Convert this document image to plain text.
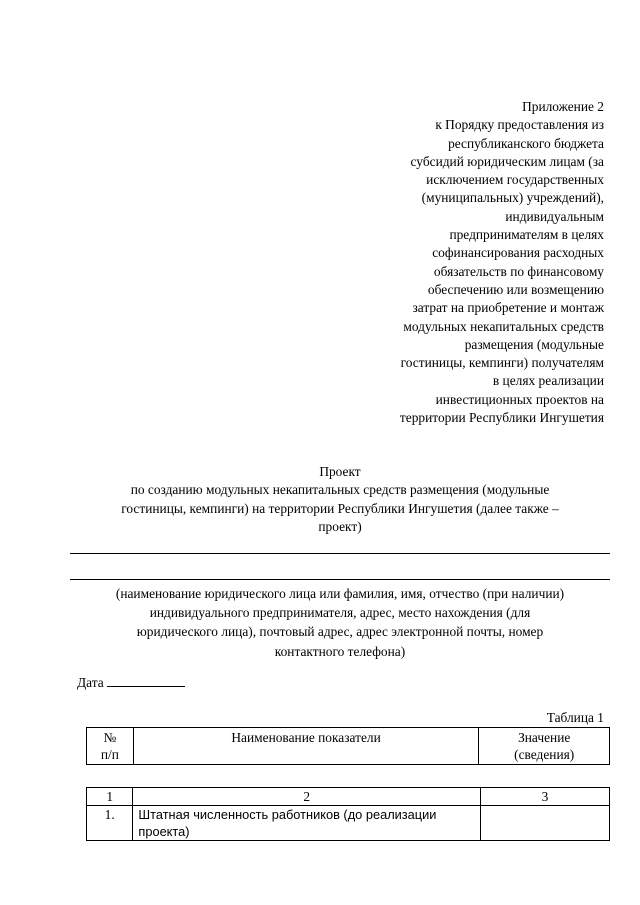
Приложение 2
к Порядку предоставления из
республиканского бюджета
субсидий юридическим лицам (за
исключением государственных
(муниципальных) учреждений),
индивидуальным
предпринимателям в целях
софинансирования расходных
обязательств по финансовому
обеспечению или возмещению
затрат на приобретение и монтаж
модульных некапитальных средств
размещения (модульные
гостиницы, кемпинги) получателям
в целях реализации
инвестиционных проектов на
территории Республики Ингушетия
Проект
по созданию модульных некапитальных средств размещения (модульные
гостиницы, кемпинги) на территории Республики Ингушетия (далее также –
проект)
(наименование юридического лица или фамилия, имя, отчество (при наличии)
индивидуального предпринимателя, адрес, место нахождения (для
юридического лица), почтовый адрес, адрес электронной почты, номер
контактного телефона)
Дата
Таблица 1
№
п/п
	Наименование показатели	Значение
(сведения)
1	2	3
1.	Штатная численность работников (до реализации
проекта)	
